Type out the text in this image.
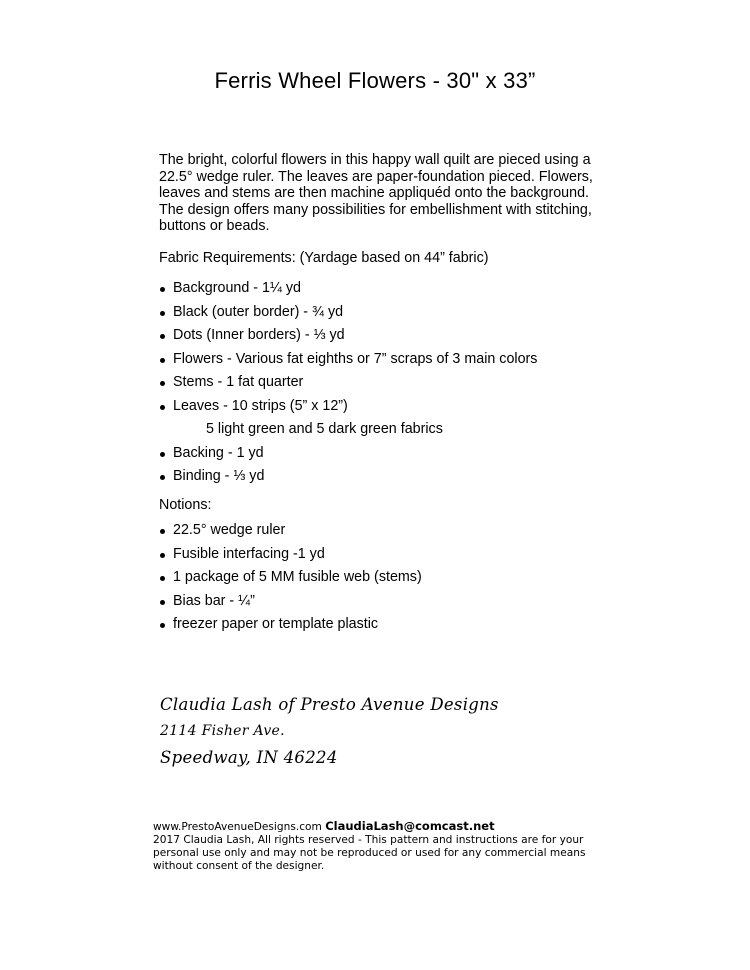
Ferris Wheel Flowers - 30" x 33”
The bright, colorful flowers in this happy wall quilt are pieced using a 22.5° wedge ruler. The leaves are paper-foundation pieced. Flowers, leaves and stems are then machine appliquéd onto the background. The design offers many possibilities for embellishment with stitching, buttons or beads.
Fabric Requirements: (Yardage based on 44” fabric)
Background - 1¼ yd
Black (outer border) - ¾ yd
Dots (Inner borders) - ⅓ yd
Flowers - Various fat eighths or 7” scraps of 3 main colors
Stems - 1 fat quarter
Leaves - 10 strips (5” x 12”)
5 light green and 5 dark green fabrics
Backing - 1 yd
Binding - ⅓ yd
Notions:
22.5° wedge ruler
Fusible interfacing -1 yd
1 package of 5 MM fusible web (stems)
Bias bar - ¼”
freezer paper or template plastic
Claudia Lash of Presto Avenue Designs
2114 Fisher Ave.
Speedway, IN 46224
www.PrestoAvenueDesigns.com ClaudiaLash@comcast.net
2017 Claudia Lash, All rights reserved - This pattern and instructions are for your personal use only and may not be reproduced or used for any commercial means without consent of the designer.
